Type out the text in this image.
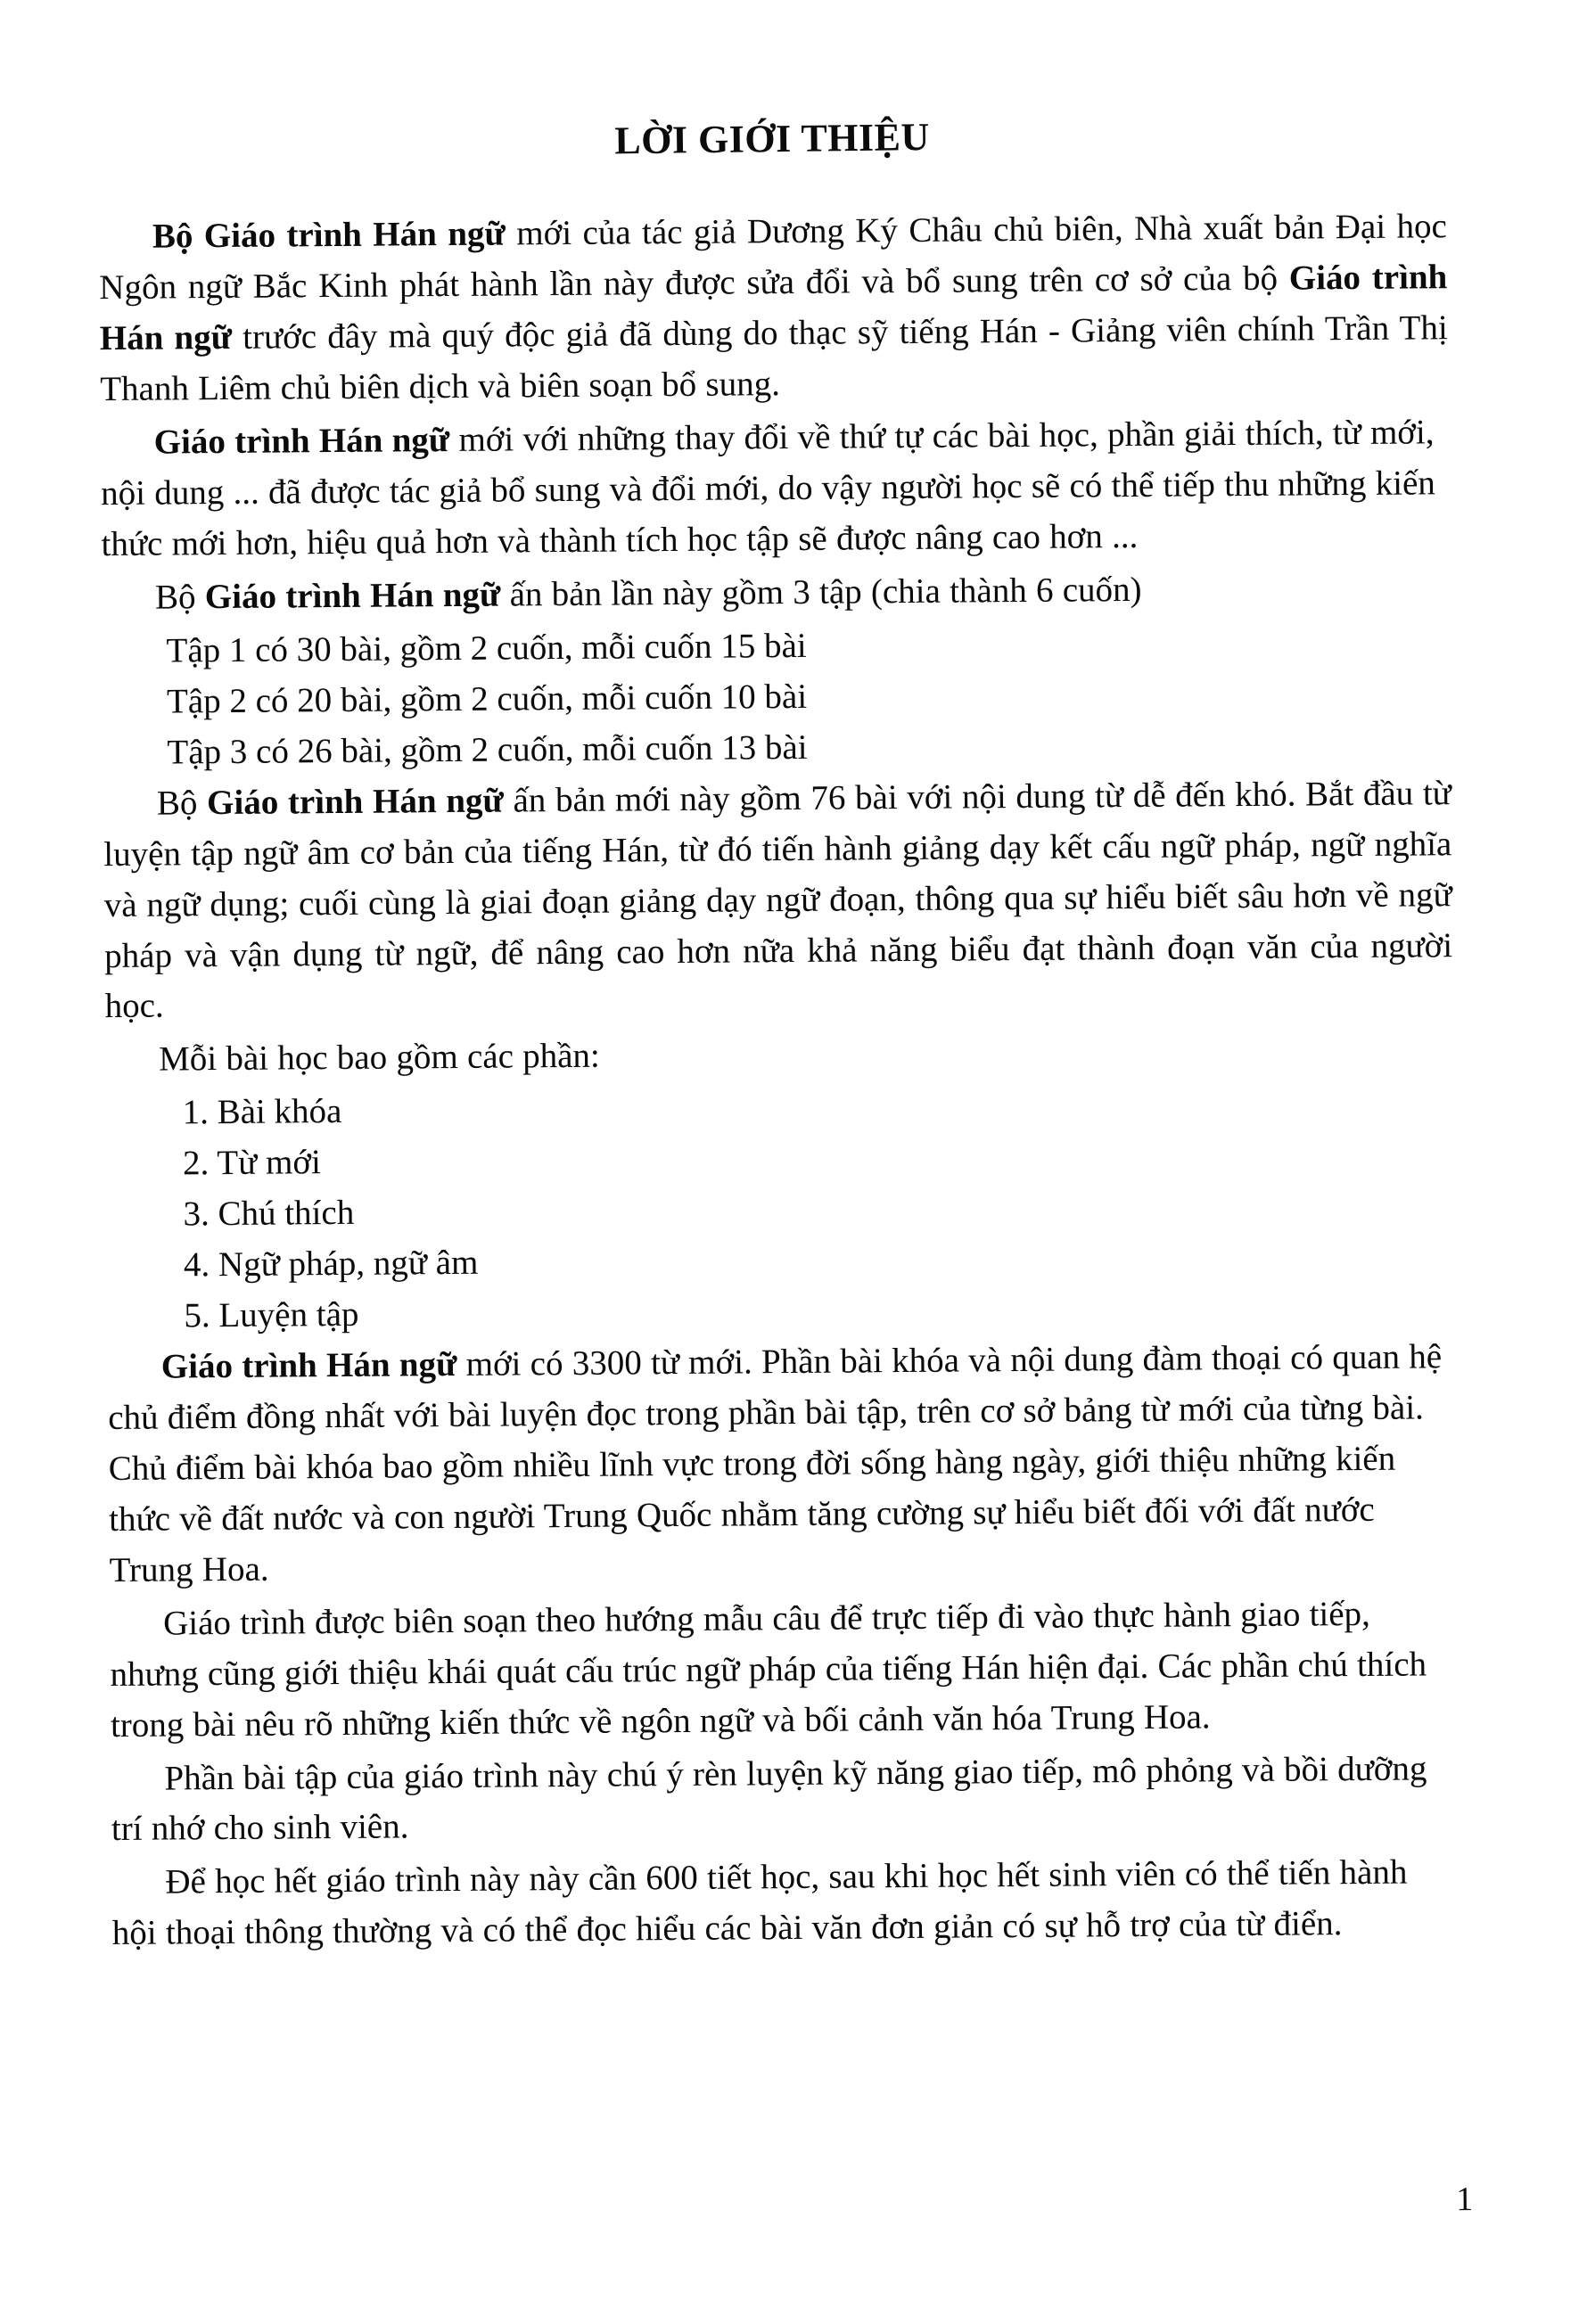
LỜI GIỚI THIỆU

Bộ Giáo trình Hán ngữ mới của tác giả Dương Ký Châu chủ biên, Nhà xuất bản Đại học Ngôn ngữ Bắc Kinh phát hành lần này được sửa đổi và bổ sung trên cơ sở của bộ Giáo trình Hán ngữ trước đây mà quý độc giả đã dùng do thạc sỹ tiếng Hán - Giảng viên chính Trần Thị Thanh Liêm chủ biên dịch và biên soạn bổ sung.

Giáo trình Hán ngữ mới với những thay đổi về thứ tự các bài học, phần giải thích, từ mới, nội dung ... đã được tác giả bổ sung và đổi mới, do vậy người học sẽ có thể tiếp thu những kiến thức mới hơn, hiệu quả hơn và thành tích học tập sẽ được nâng cao hơn ...

Bộ Giáo trình Hán ngữ ấn bản lần này gồm 3 tập (chia thành 6 cuốn)

Tập 1 có 30 bài, gồm 2 cuốn, mỗi cuốn 15 bài
Tập 2 có 20 bài, gồm 2 cuốn, mỗi cuốn 10 bài
Tập 3 có 26 bài, gồm 2 cuốn, mỗi cuốn 13 bài

Bộ Giáo trình Hán ngữ ấn bản mới này gồm 76 bài với nội dung từ dễ đến khó. Bắt đầu từ luyện tập ngữ âm cơ bản của tiếng Hán, từ đó tiến hành giảng dạy kết cấu ngữ pháp, ngữ nghĩa và ngữ dụng; cuối cùng là giai đoạn giảng dạy ngữ đoạn, thông qua sự hiểu biết sâu hơn về ngữ pháp và vận dụng từ ngữ, để nâng cao hơn nữa khả năng biểu đạt thành đoạn văn của người học.

Mỗi bài học bao gồm các phần:

1. Bài khóa
2. Từ mới
3. Chú thích
4. Ngữ pháp, ngữ âm
5. Luyện tập

Giáo trình Hán ngữ mới có 3300 từ mới. Phần bài khóa và nội dung đàm thoại có quan hệ chủ điểm đồng nhất với bài luyện đọc trong phần bài tập, trên cơ sở bảng từ mới của từng bài. Chủ điểm bài khóa bao gồm nhiều lĩnh vực trong đời sống hàng ngày, giới thiệu những kiến thức về đất nước và con người Trung Quốc nhằm tăng cường sự hiểu biết đối với đất nước Trung Hoa.

Giáo trình được biên soạn theo hướng mẫu câu để trực tiếp đi vào thực hành giao tiếp, nhưng cũng giới thiệu khái quát cấu trúc ngữ pháp của tiếng Hán hiện đại. Các phần chú thích trong bài nêu rõ những kiến thức về ngôn ngữ và bối cảnh văn hóa Trung Hoa.

Phần bài tập của giáo trình này chú ý rèn luyện kỹ năng giao tiếp, mô phỏng và bồi dưỡng trí nhớ cho sinh viên.

Để học hết giáo trình này này cần 600 tiết học, sau khi học hết sinh viên có thể tiến hành hội thoại thông thường và có thể đọc hiểu các bài văn đơn giản có sự hỗ trợ của từ điển.

1
